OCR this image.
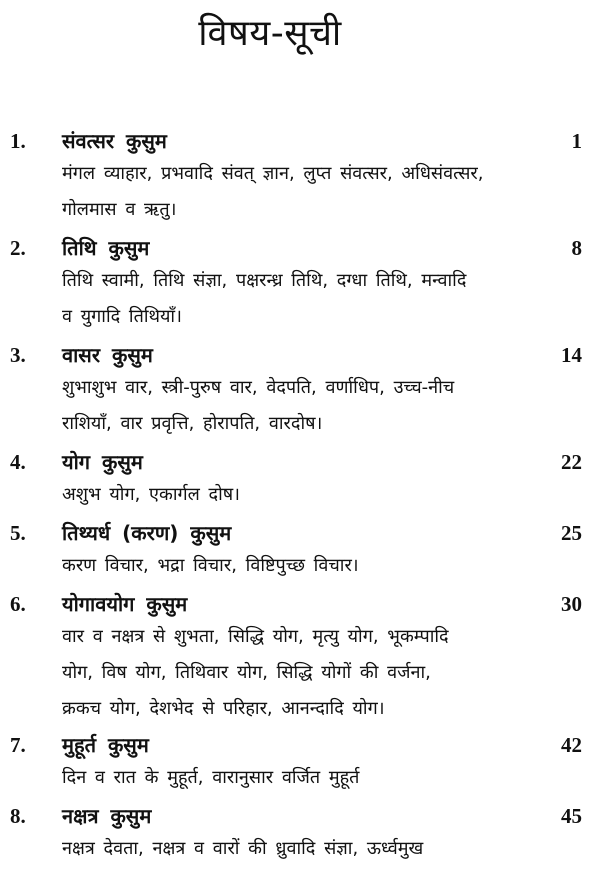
विषय-सूची
1. संवत्सर कुसुम	1
मंगल व्याहार, प्रभवादि संवत् ज्ञान, लुप्त संवत्सर, अधिसंवत्सर,
गोलमास व ऋतु।
2. तिथि कुसुम	8
तिथि स्वामी, तिथि संज्ञा, पक्षरन्ध्र तिथि, दग्धा तिथि, मन्वादि
व युगादि तिथियाँ।
3. वासर कुसुम	14
शुभाशुभ वार, स्त्री-पुरुष वार, वेदपति, वर्णाधिप, उच्च-नीच
राशियाँ, वार प्रवृत्ति, होरापति, वारदोष।
4. योग कुसुम	22
अशुभ योग, एकार्गल दोष।
5. तिथ्यर्ध (करण) कुसुम	25
करण विचार, भद्रा विचार, विष्टिपुच्छ विचार।
6. योगावयोग कुसुम	30
वार व नक्षत्र से शुभता, सिद्धि योग, मृत्यु योग, भूकम्पादि
योग, विष योग, तिथिवार योग, सिद्धि योगों की वर्जना,
क्रकच योग, देशभेद से परिहार, आनन्दादि योग।
7. मुहूर्त कुसुम	42
दिन व रात के मुहूर्त, वारानुसार वर्जित मुहूर्त
8. नक्षत्र कुसुम	45
नक्षत्र देवता, नक्षत्र व वारों की ध्रुवादि संज्ञा, ऊर्ध्वमुख
